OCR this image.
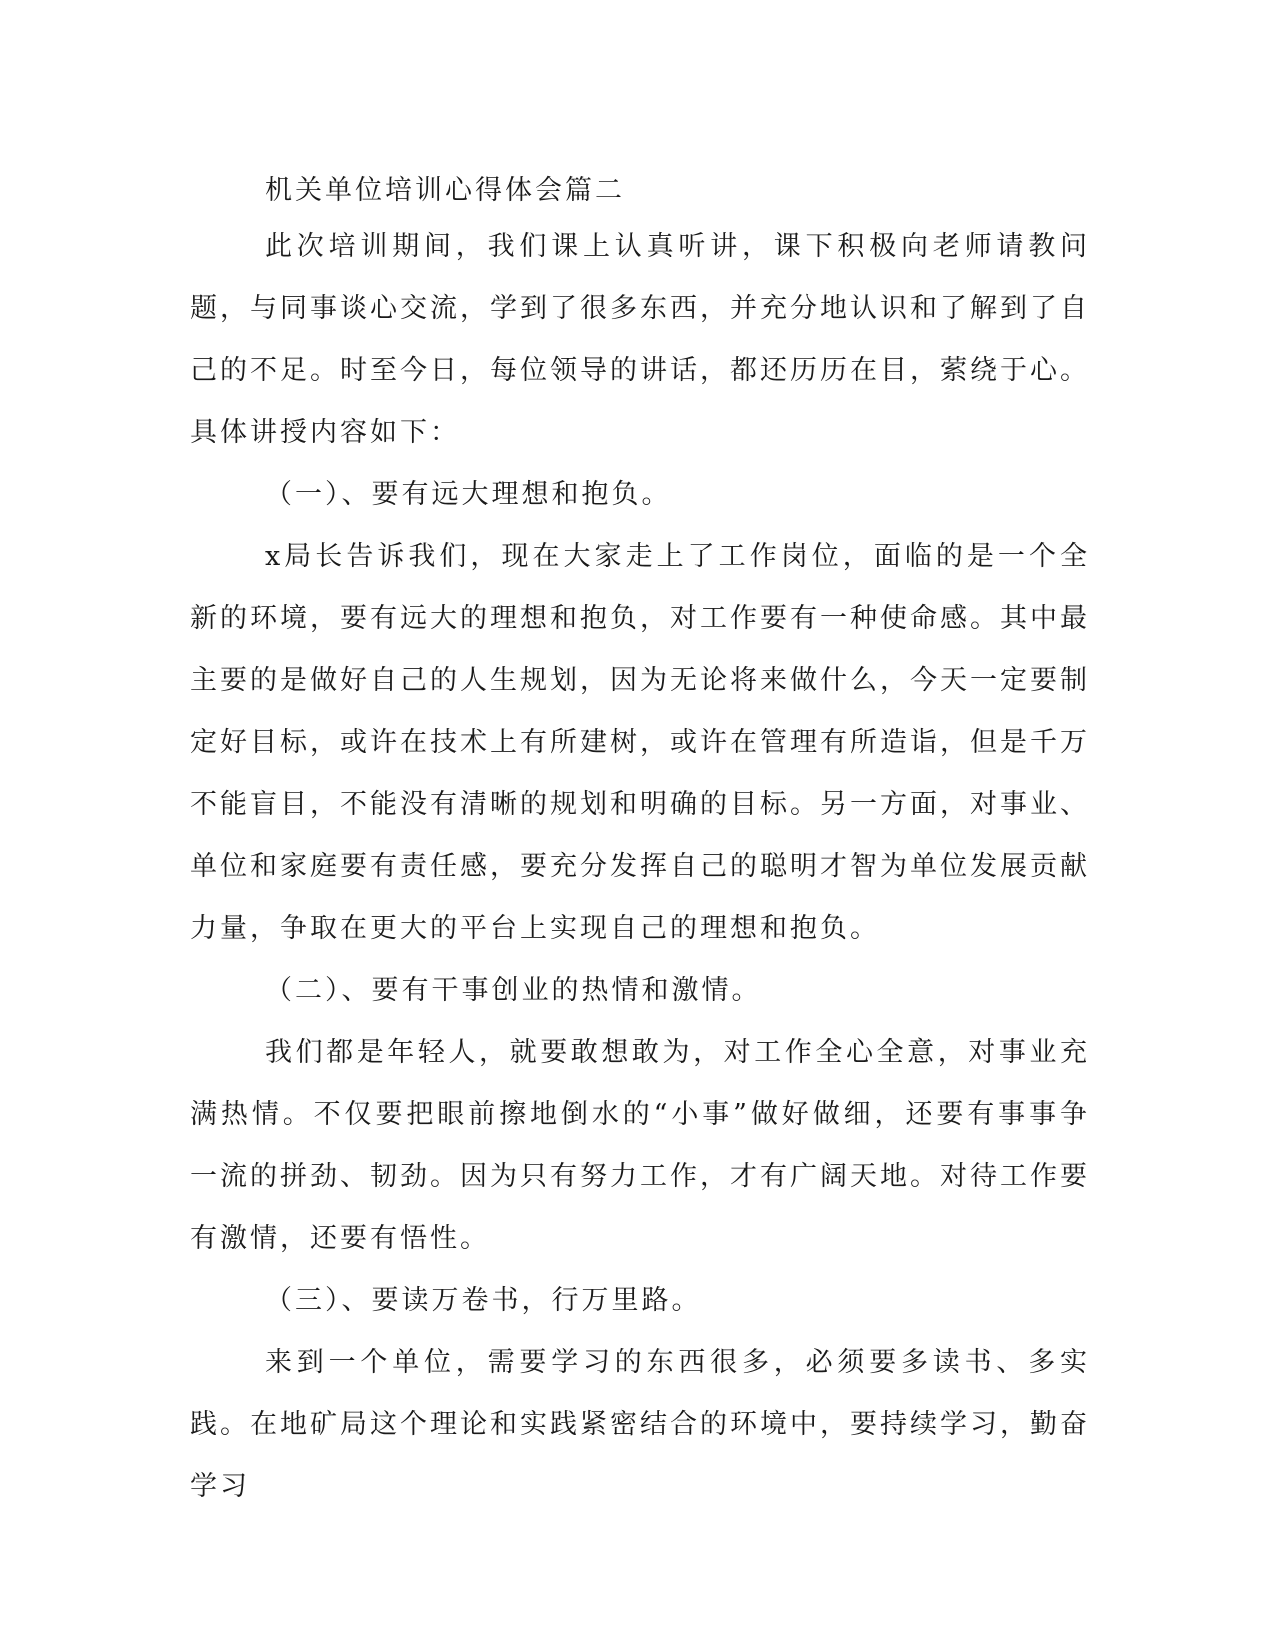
机关单位培训心得体会篇二

此次培训期间，我们课上认真听讲，课下积极向老师请教问题，与同事谈心交流，学到了很多东西，并充分地认识和了解到了自己的不足。时至今日，每位领导的讲话，都还历历在目，萦绕于心。具体讲授内容如下：

（一）、要有远大理想和抱负。

x局长告诉我们，现在大家走上了工作岗位，面临的是一个全新的环境，要有远大的理想和抱负，对工作要有一种使命感。其中最主要的是做好自己的人生规划，因为无论将来做什么，今天一定要制定好目标，或许在技术上有所建树，或许在管理有所造诣，但是千万不能盲目，不能没有清晰的规划和明确的目标。另一方面，对事业、单位和家庭要有责任感，要充分发挥自己的聪明才智为单位发展贡献力量，争取在更大的平台上实现自己的理想和抱负。

（二）、要有干事创业的热情和激情。

我们都是年轻人，就要敢想敢为，对工作全心全意，对事业充满热情。不仅要把眼前擦地倒水的“小事”做好做细，还要有事事争一流的拼劲、韧劲。因为只有努力工作，才有广阔天地。对待工作要有激情，还要有悟性。

（三）、要读万卷书，行万里路。

来到一个单位，需要学习的东西很多，必须要多读书、多实践。在地矿局这个理论和实践紧密结合的环境中，要持续学习，勤奋学习
